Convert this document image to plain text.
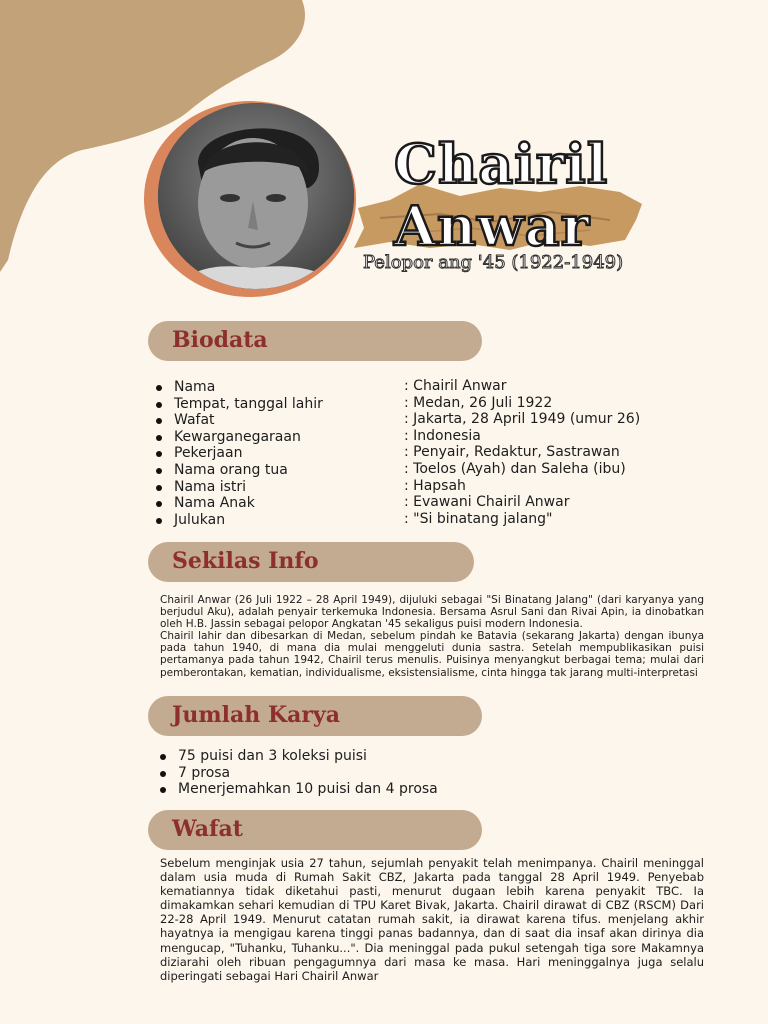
Chairil
Anwar
Pelopor ang '45 (1922-1949)
Biodata
Nama
Tempat, tanggal lahir
Wafat
Kewarganegaraan
Pekerjaan
Nama orang tua
Nama istri
Nama Anak
Julukan
: Chairil Anwar
: Medan, 26 Juli 1922
: Jakarta, 28 April 1949 (umur 26)
: Indonesia
: Penyair, Redaktur, Sastrawan
: Toelos (Ayah) dan Saleha (ibu)
: Hapsah
: Evawani Chairil Anwar
: "Si binatang jalang"
Sekilas Info

Chairil Anwar (26 Juli 1922 – 28 April 1949), dijuluki sebagai "Si Binatang Jalang" (dari karyanya yang berjudul Aku), adalah penyair terkemuka Indonesia. Bersama Asrul Sani dan Rivai Apin, ia dinobatkan oleh H.B. Jassin sebagai pelopor Angkatan '45 sekaligus puisi modern Indonesia.

Chairil lahir dan dibesarkan di Medan, sebelum pindah ke Batavia (sekarang Jakarta) dengan ibunya pada tahun 1940, di mana dia mulai menggeluti dunia sastra. Setelah mempublikasikan puisi pertamanya pada tahun 1942, Chairil terus menulis. Puisinya menyangkut berbagai tema; mulai dari pemberontakan, kematian, individualisme, eksistensialisme, cinta hingga tak jarang multi-interpretasi

Jumlah Karya
75 puisi dan 3 koleksi puisi
7 prosa
Menerjemahkan 10 puisi dan 4 prosa
Wafat

Sebelum menginjak usia 27 tahun, sejumlah penyakit telah menimpanya. Chairil meninggal dalam usia muda di Rumah Sakit CBZ, Jakarta pada tanggal 28 April 1949. Penyebab kematiannya tidak diketahui pasti, menurut dugaan lebih karena penyakit TBC. Ia dimakamkan sehari kemudian di TPU Karet Bivak, Jakarta. Chairil dirawat di CBZ (RSCM) Dari 22-28 April 1949. Menurut catatan rumah sakit, ia dirawat karena tifus. menjelang akhir hayatnya ia mengigau karena tinggi panas badannya, dan di saat dia insaf akan dirinya dia mengucap, "Tuhanku, Tuhanku...". Dia meninggal pada pukul setengah tiga sore Makamnya diziarahi oleh ribuan pengagumnya dari masa ke masa. Hari meninggalnya juga selalu diperingati sebagai Hari Chairil Anwar
